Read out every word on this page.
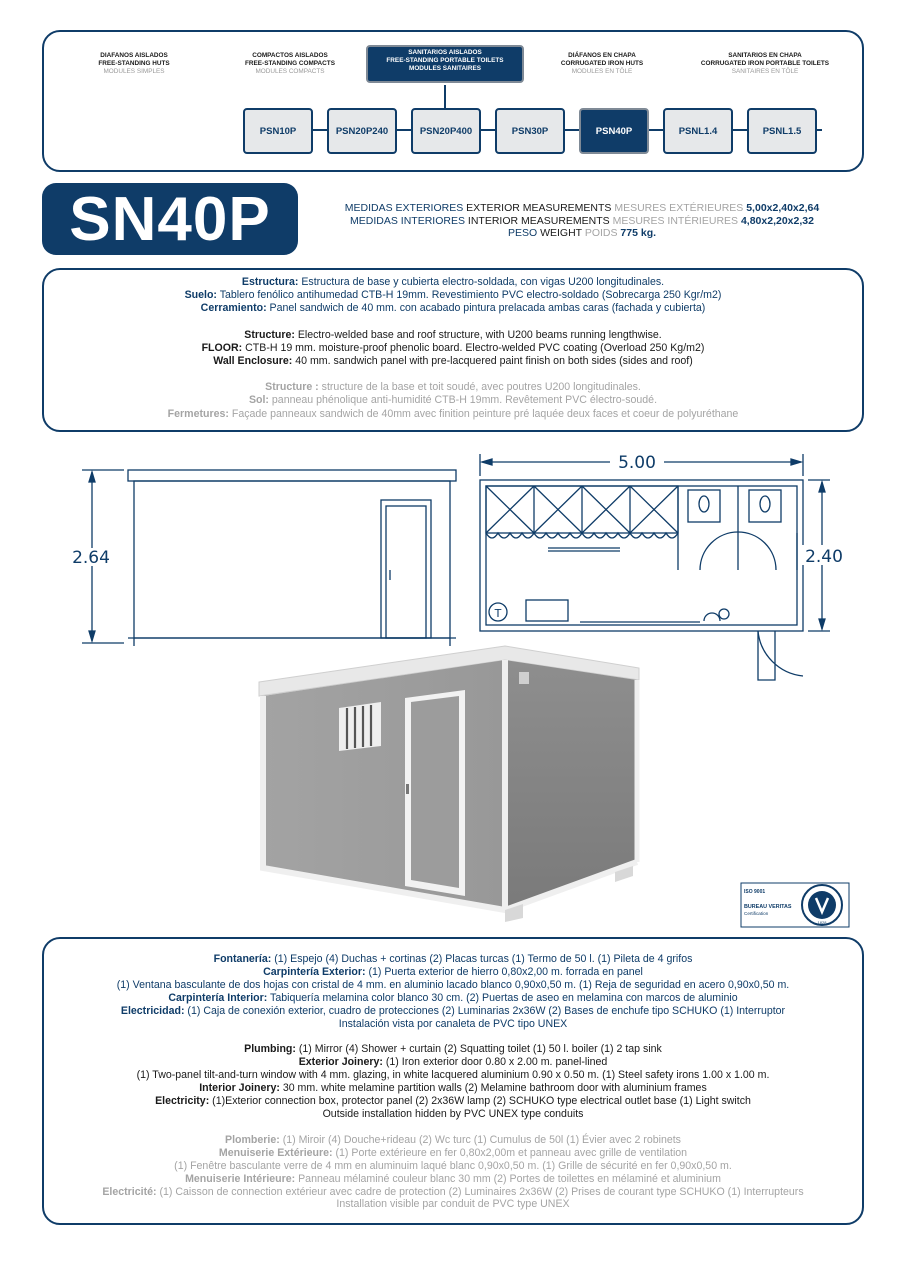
DIAFANOS AISLADOS
FREE-STANDING HUTS
MODULES SIMPLES
COMPACTOS AISLADOS
FREE-STANDING COMPACTS
MODULES COMPACTS
SANITARIOS AISLADOS
FREE-STANDING PORTABLE TOILETS
MODULES SANITAIRES
DIÁFANOS EN CHAPA
CORRUGATED IRON HUTS
MODULES EN TÔLE
SANITARIOS EN CHAPA
CORRUGATED IRON PORTABLE TOILETS
SANITAIRES EN TÔLE
PSN10P	PSN20P240	PSN20P400	PSN30P	PSN40P	PSNL1.4	PSNL1.5
SN40P	MEDIDAS EXTERIORES EXTERIOR MEASUREMENTS MESURES EXTÉRIEURES 5,00x2,40x2,64
MEDIDAS INTERIORES INTERIOR MEASUREMENTS MESURES INTÉRIEURES 4,80x2,20x2,32
PESO WEIGHT POIDS 775 kg.

Estructura: Estructura de base y cubierta electro-soldada, con vigas U200 longitudinales.

Suelo: Tablero fenólico antihumedad CTB-H 19mm. Revestimiento PVC electro-soldado (Sobrecarga 250 Kgr/m2)

Cerramiento: Panel sandwich de 40 mm. con acabado pintura prelacada ambas caras (fachada y cubierta)

Structure: Electro-welded base and roof structure, with U200 beams running lengthwise.

FLOOR: CTB-H 19 mm. moisture-proof phenolic board. Electro-welded PVC coating (Overload 250 Kg/m2)

Wall Enclosure: 40 mm. sandwich panel with pre-lacquered paint finish on both sides (sides and roof)

Structure : structure de la base et toit soudé, avec poutres U200 longitudinales.

Sol: panneau phénolique anti-humidité CTB-H 19mm. Revêtement PVC électro-soudé.

Fermetures: Façade panneaux sandwich de 40mm avec finition peinture pré laquée deux faces et coeur de polyuréthane

2.64
5.00
2.40
T
ISO 9001
BUREAU VERITAS
Certification
1828
Fontanería: (1) Espejo (4) Duchas + cortinas (2) Placas turcas (1) Termo de 50 l. (1) Pileta de 4 grifos
Carpintería Exterior: (1) Puerta exterior de hierro 0,80x2,00 m. forrada en panel
(1) Ventana basculante de dos hojas con cristal de 4 mm. en aluminio lacado blanco 0,90x0,50 m. (1) Reja de seguridad en acero 0,90x0,50 m.
Carpintería Interior: Tabiquería melamina color blanco 30 cm. (2) Puertas de aseo en melamina con marcos de aluminio
Electricidad: (1) Caja de conexión exterior, cuadro de protecciones (2) Luminarias 2x36W (2) Bases de enchufe tipo SCHUKO (1) Interruptor
Instalación vista por canaleta de PVC tipo UNEX
Plumbing: (1) Mirror (4) Shower + curtain (2) Squatting toilet (1) 50 l. boiler (1) 2 tap sink
Exterior Joinery: (1) Iron exterior door 0.80 x 2.00 m. panel-lined
(1) Two-panel tilt-and-turn window with 4 mm. glazing, in white lacquered aluminium 0.90 x 0.50 m. (1) Steel safety irons 1.00 x 1.00 m.
Interior Joinery: 30 mm. white melamine partition walls (2) Melamine bathroom door with aluminium frames
Electricity: (1)Exterior connection box, protector panel (2) 2x36W lamp (2) SCHUKO type electrical outlet base (1) Light switch
Outside installation hidden by PVC UNEX type conduits
Plomberie: (1) Miroir (4) Douche+rideau (2) Wc turc (1) Cumulus de 50l (1) Évier avec 2 robinets
Menuiserie Extérieure: (1) Porte extérieure en fer 0,80x2,00m et panneau avec grille de ventilation
(1) Fenêtre basculante verre de 4 mm en aluminuim laqué blanc 0,90x0,50 m. (1) Grille de sécurité en fer 0,90x0,50 m.
Menuiserie Intérieure: Panneau mélaminé couleur blanc 30 mm (2) Portes de toilettes en mélaminé et aluminium
Electricité: (1) Caisson de connection extérieur avec cadre de protection (2) Luminaires 2x36W (2) Prises de courant type SCHUKO (1) Interrupteurs
Installation visible par conduit de PVC type UNEX
